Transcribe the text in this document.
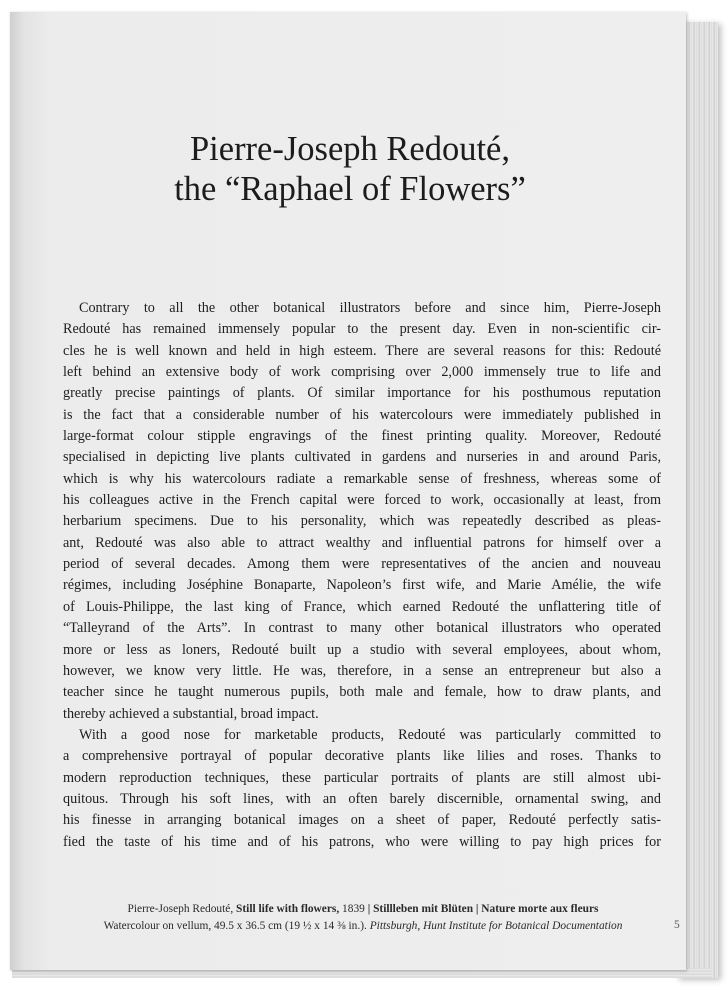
Pierre-Joseph Redouté,
the “Raphael of Flowers”
Contrary to all the other botanical illustrators before and since him, Pierre-Joseph
Redouté has remained immensely popular to the present day. Even in non-scientific cir-
cles he is well known and held in high esteem. There are several reasons for this: Redouté
left behind an extensive body of work comprising over 2,000 immensely true to life and
greatly precise paintings of plants. Of similar importance for his posthumous reputation
is the fact that a considerable number of his watercolours were immediately published in
large-format colour stipple engravings of the finest printing quality. Moreover, Redouté
specialised in depicting live plants cultivated in gardens and nurseries in and around Paris,
which is why his watercolours radiate a remarkable sense of freshness, whereas some of
his colleagues active in the French capital were forced to work, occasionally at least, from
herbarium specimens. Due to his personality, which was repeatedly described as pleas-
ant, Redouté was also able to attract wealthy and influential patrons for himself over a
period of several decades. Among them were representatives of the ancien and nouveau
régimes, including Joséphine Bonaparte, Napoleon’s first wife, and Marie Amélie, the wife
of Louis-Philippe, the last king of France, which earned Redouté the unflattering title of
“Talleyrand of the Arts”. In contrast to many other botanical illustrators who operated
more or less as loners, Redouté built up a studio with several employees, about whom,
however, we know very little. He was, therefore, in a sense an entrepreneur but also a
teacher since he taught numerous pupils, both male and female, how to draw plants, and
thereby achieved a substantial, broad impact.
With a good nose for marketable products, Redouté was particularly committed to
a comprehensive portrayal of popular decorative plants like lilies and roses. Thanks to
modern reproduction techniques, these particular portraits of plants are still almost ubi-
quitous. Through his soft lines, with an often barely discernible, ornamental swing, and
his finesse in arranging botanical images on a sheet of paper, Redouté perfectly satis-
fied the taste of his time and of his patrons, who were willing to pay high prices for
Pierre-Joseph Redouté, Still life with flowers, 1839 | Stillleben mit Blüten | Nature morte aux fleurs
Watercolour on vellum, 49.5 x 36.5 cm (19 ½ x 14 ⅜ in.). Pittsburgh, Hunt Institute for Botanical Documentation	5
